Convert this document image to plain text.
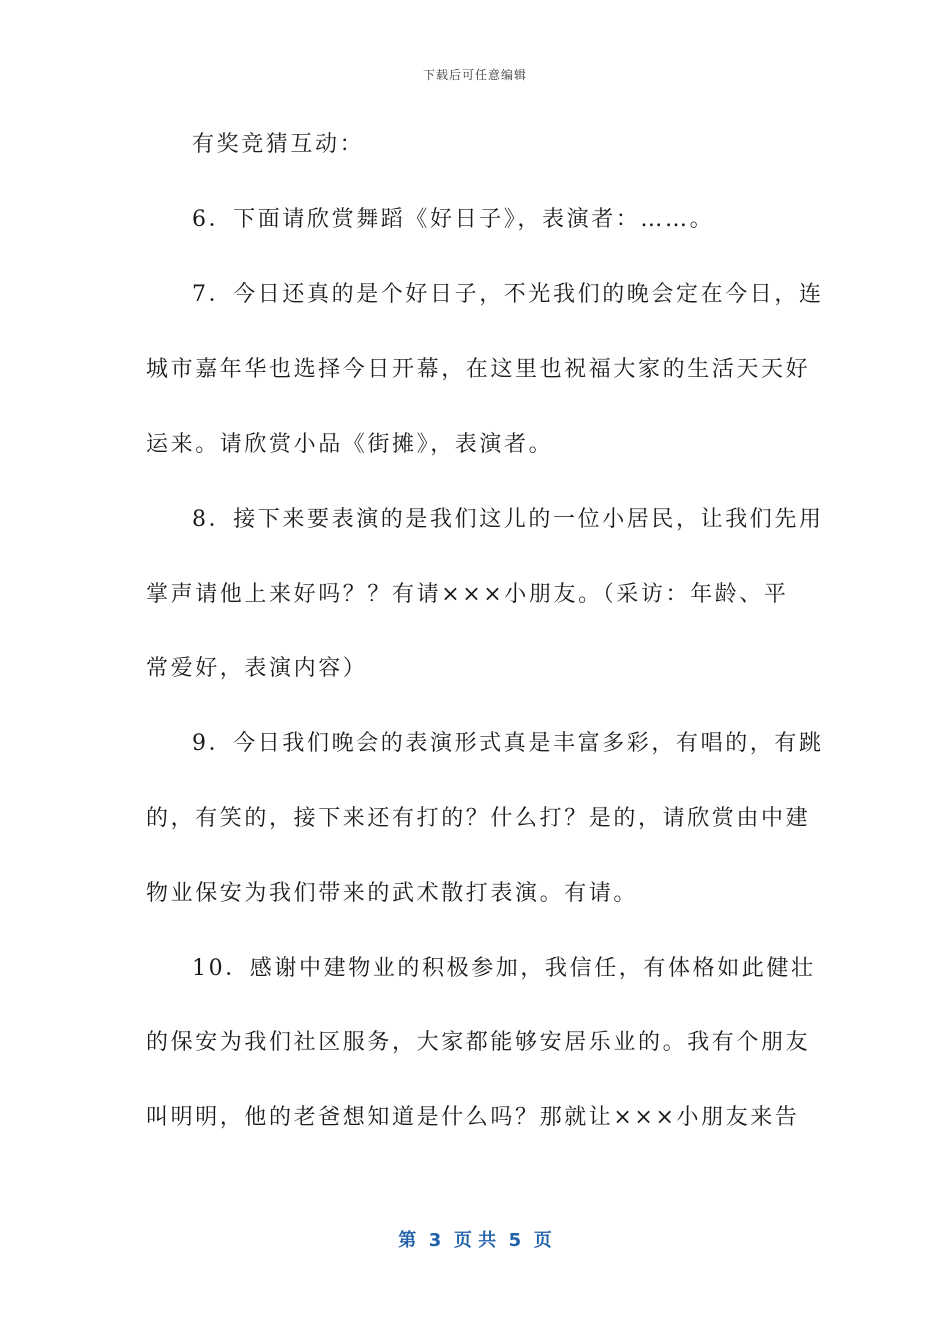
下载后可任意编辑
有奖竞猜互动：
6．下面请欣赏舞蹈《好日子》，表演者：……。
7．今日还真的是个好日子，不光我们的晚会定在今日，连
城市嘉年华也选择今日开幕，在这里也祝福大家的生活天天好
运来。请欣赏小品《街摊》，表演者。
8．接下来要表演的是我们这儿的一位小居民，让我们先用
掌声请他上来好吗？？有请×××小朋友。（采访：年龄、平
常爱好，表演内容）
9．今日我们晚会的表演形式真是丰富多彩，有唱的，有跳
的，有笑的，接下来还有打的？什么打？是的，请欣赏由中建
物业保安为我们带来的武术散打表演。有请。
10．感谢中建物业的积极参加，我信任，有体格如此健壮
的保安为我们社区服务，大家都能够安居乐业的。我有个朋友
叫明明，他的老爸想知道是什么吗？那就让×××小朋友来告
第  3  页 共  5  页
